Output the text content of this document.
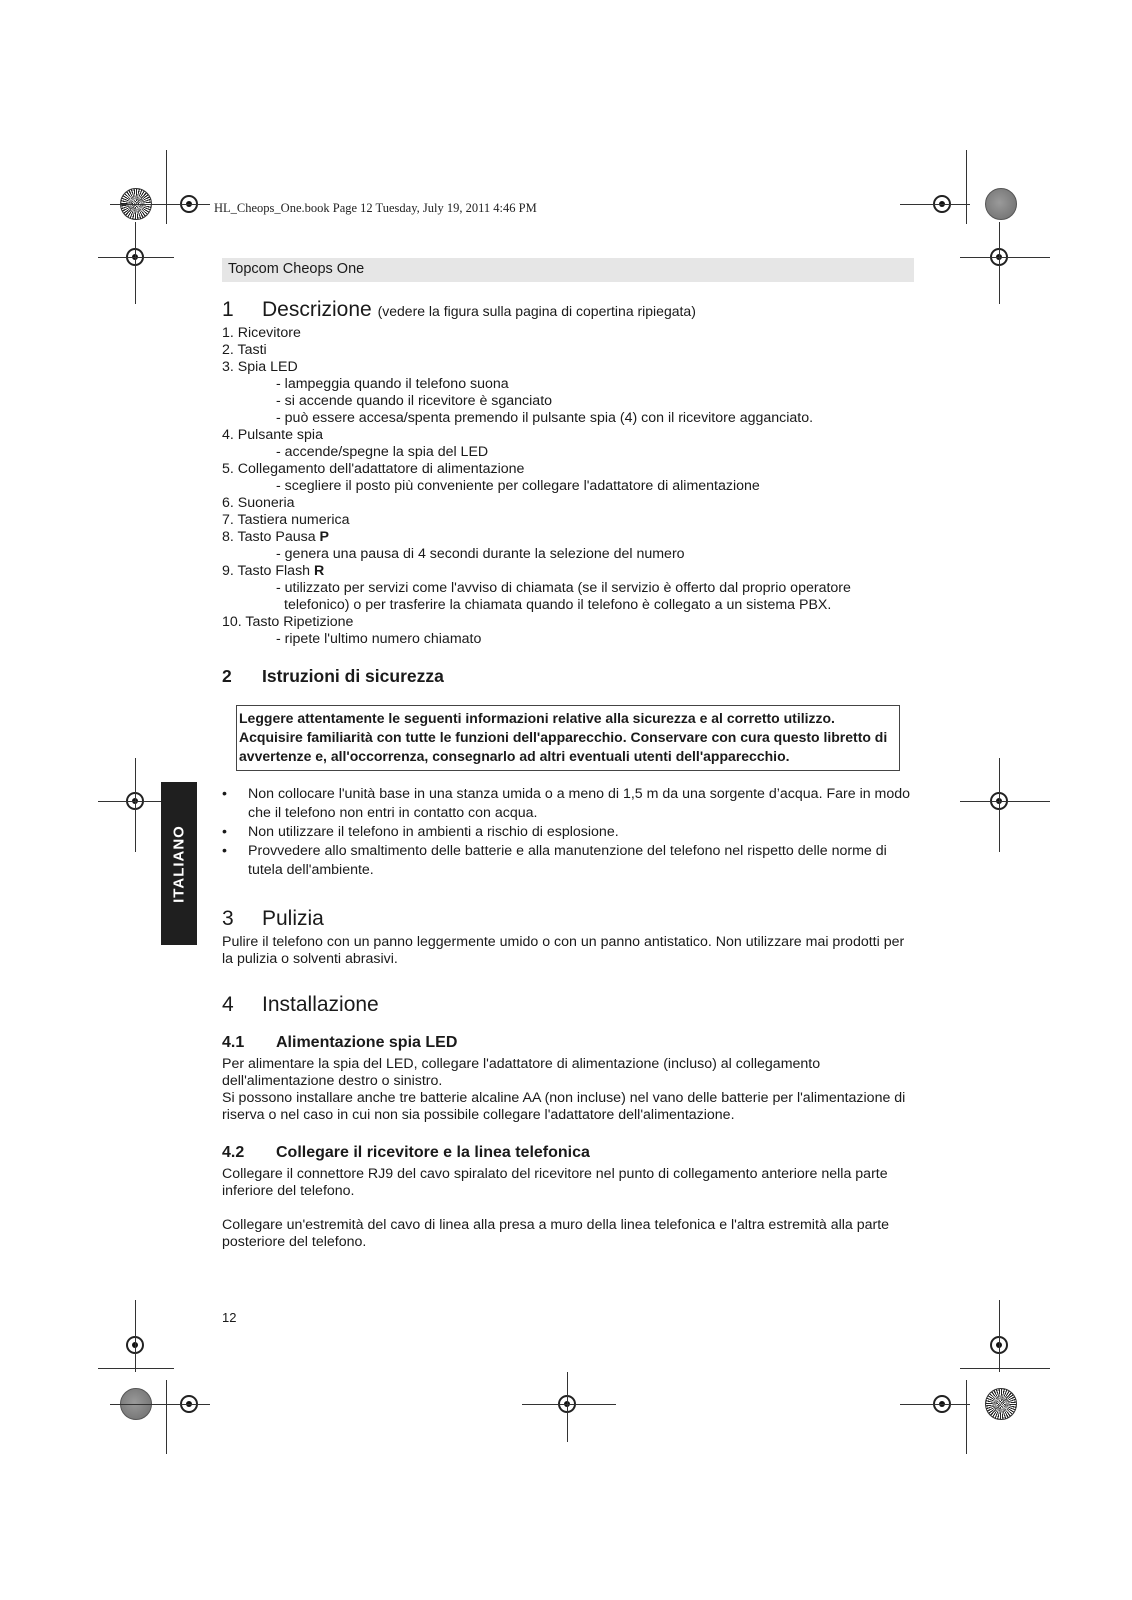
HL_Cheops_One.book Page 12 Tuesday, July 19, 2011 4:46 PM
Topcom Cheops One
ITALIANO
1 Descrizione (vedere la figura sulla pagina di copertina ripiegata)
1. Ricevitore
2. Tasti
3. Spia LED
- lampeggia quando il telefono suona
- si accende quando il ricevitore è sganciato
- può essere accesa/spenta premendo il pulsante spia (4) con il ricevitore agganciato.
4. Pulsante spia
- accende/spegne la spia del LED
5. Collegamento dell'adattatore di alimentazione
- scegliere il posto più conveniente per collegare l'adattatore di alimentazione
6. Suoneria
7. Tastiera numerica
8. Tasto Pausa P
- genera una pausa di 4 secondi durante la selezione del numero
9. Tasto Flash R
- utilizzato per servizi come l'avviso di chiamata (se il servizio è offerto dal proprio operatore
telefonico) o per trasferire la chiamata quando il telefono è collegato a un sistema PBX.
10. Tasto Ripetizione
- ripete l'ultimo numero chiamato
2 Istruzioni di sicurezza
Leggere attentamente le seguenti informazioni relative alla sicurezza e al corretto utilizzo. Acquisire familiarità con tutte le funzioni dell'apparecchio. Conservare con cura questo libretto di avvertenze e, all'occorrenza, consegnarlo ad altri eventuali utenti dell'apparecchio.
• Non collocare l'unità base in una stanza umida o a meno di 1,5 m da una sorgente d’acqua. Fare in modo che il telefono non entri in contatto con acqua.
• Non utilizzare il telefono in ambienti a rischio di esplosione.
• Provvedere allo smaltimento delle batterie e alla manutenzione del telefono nel rispetto delle norme di tutela dell'ambiente.
3 Pulizia
Pulire il telefono con un panno leggermente umido o con un panno antistatico. Non utilizzare mai prodotti per la pulizia o solventi abrasivi.
4 Installazione
4.1 Alimentazione spia LED
Per alimentare la spia del LED, collegare l'adattatore di alimentazione (incluso) al collegamento dell'alimentazione destro o sinistro.
Si possono installare anche tre batterie alcaline AA (non incluse) nel vano delle batterie per l'alimentazione di riserva o nel caso in cui non sia possibile collegare l'adattatore dell'alimentazione.
4.2 Collegare il ricevitore e la linea telefonica
Collegare il connettore RJ9 del cavo spiralato del ricevitore nel punto di collegamento anteriore nella parte inferiore del telefono.
Collegare un'estremità del cavo di linea alla presa a muro della linea telefonica e l'altra estremità alla parte posteriore del telefono.
12
